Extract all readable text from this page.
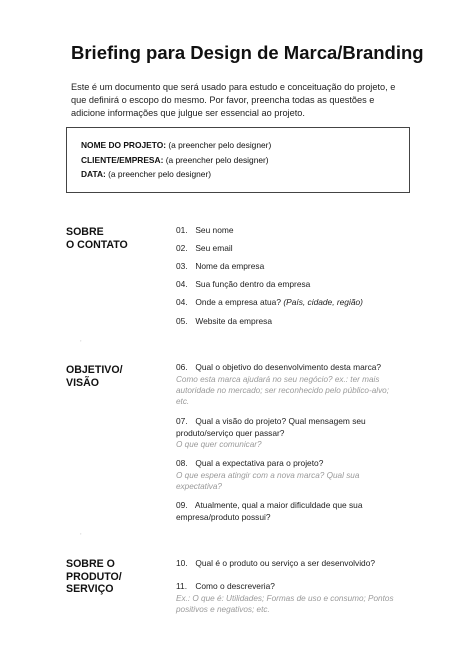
Briefing para Design de Marca/Branding
Este é um documento que será usado para estudo e conceituação do projeto, e que definirá o escopo do mesmo. Por favor, preencha todas as questões e adicione informações que julgue ser essencial ao projeto.
NOME DO PROJETO: (a preencher pelo designer)
CLIENTE/EMPRESA: (a preencher pelo designer)
DATA: (a preencher pelo designer)
SOBRE
O CONTATO
01. Seu nome
02. Seu email
03. Nome da empresa
04. Sua função dentro da empresa
04. Onde a empresa atua? (País, cidade, região)
05. Website da empresa
,
OBJETIVO/
VISÃO
06. Qual o objetivo do desenvolvimento desta marca?
Como esta marca ajudará no seu negócio? ex.: ter mais autoridade no mercado; ser reconhecido pelo público-alvo; etc.
07. Qual a visão do projeto? Qual mensagem seu produto/serviço quer passar?
O que quer comunicar?
08. Qual a expectativa para o projeto?
O que espera atingir com a nova marca? Qual sua expectativa?
09. Atualmente, qual a maior dificuldade que sua empresa/produto possui?
,
SOBRE O
PRODUTO/
SERVIÇO
10. Qual é o produto ou serviço a ser desenvolvido?
11. Como o descreveria?
Ex.: O que é: Utilidades; Formas de uso e consumo; Pontos positivos e negativos; etc.
